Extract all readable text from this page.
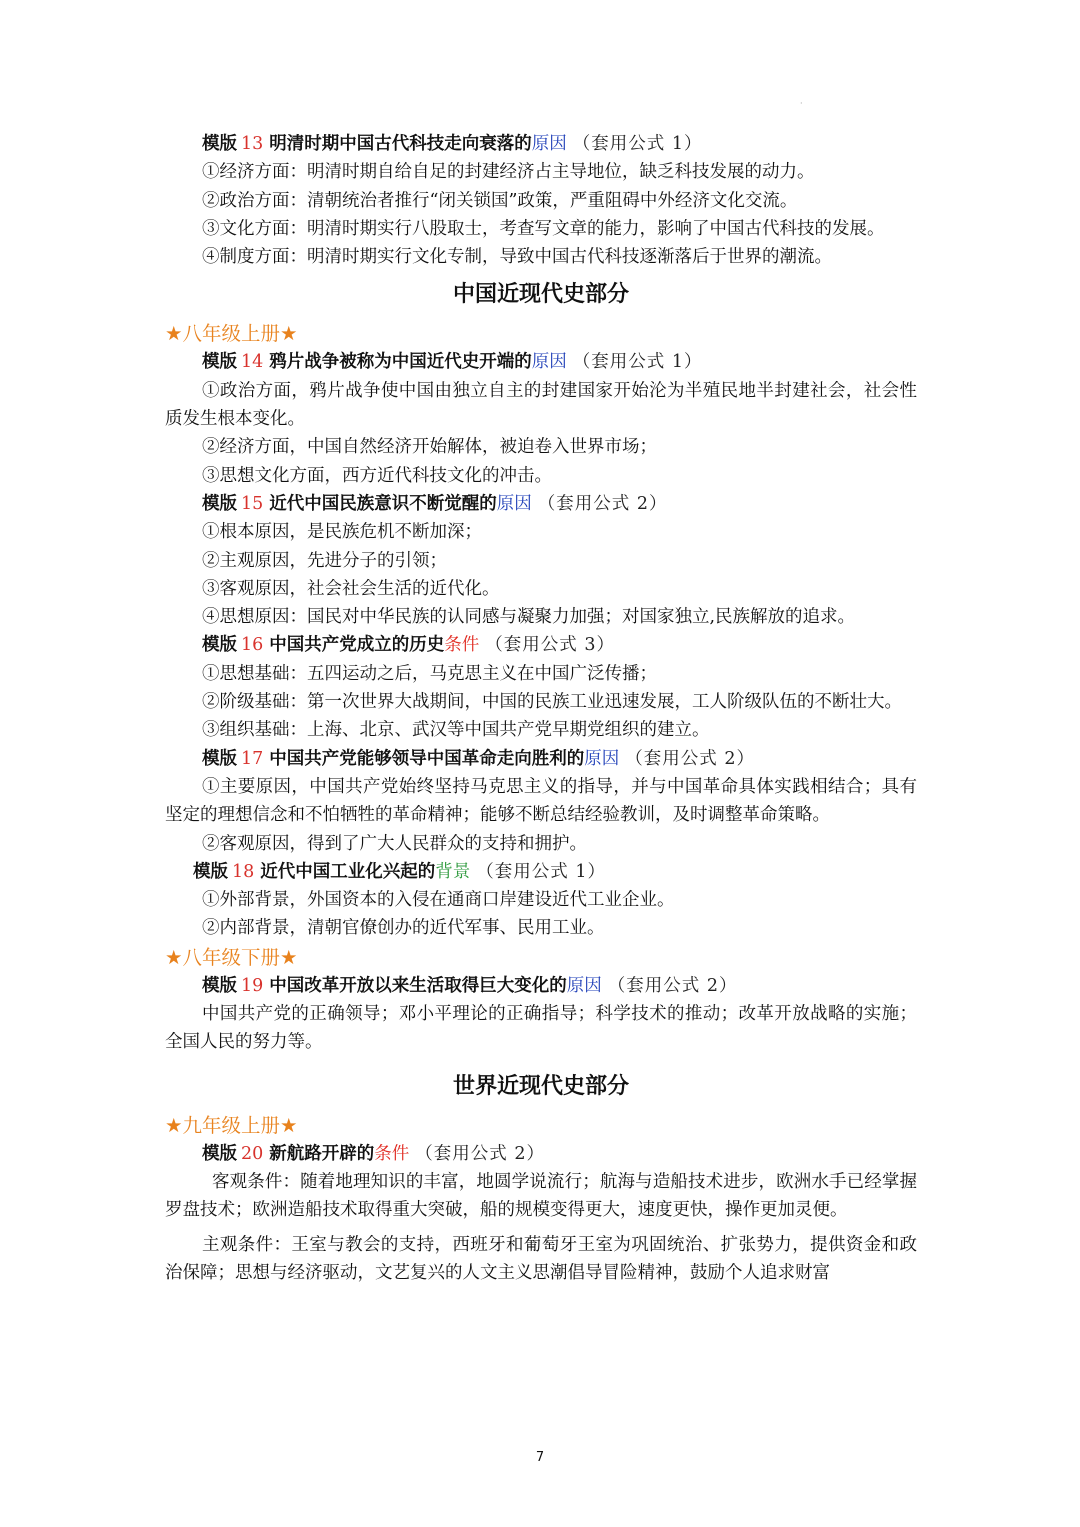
·
模版 13 明清时期中国古代科技走向衰落的原因 （套用公式 1）
①经济方面：明清时期自给自足的封建经济占主导地位，缺乏科技发展的动力。
②政治方面：清朝统治者推行“闭关锁国”政策，严重阻碍中外经济文化交流。
③文化方面：明清时期实行八股取士，考查写文章的能力，影响了中国古代科技的发展。
④制度方面：明清时期实行文化专制，导致中国古代科技逐渐落后于世界的潮流。
中国近现代史部分
★八年级上册★
模版 14 鸦片战争被称为中国近代史开端的原因 （套用公式 1）
①政治方面，鸦片战争使中国由独立自主的封建国家开始沦为半殖民地半封建社会，社会性质发生根本变化。
②经济方面，中国自然经济开始解体，被迫卷入世界市场；
③思想文化方面，西方近代科技文化的冲击。
模版 15 近代中国民族意识不断觉醒的原因 （套用公式 2）
①根本原因，是民族危机不断加深；
②主观原因，先进分子的引领；
③客观原因，社会社会生活的近代化。
④思想原因：国民对中华民族的认同感与凝聚力加强；对国家独立,民族解放的追求。
模版 16 中国共产党成立的历史条件 （套用公式 3）
①思想基础：五四运动之后，马克思主义在中国广泛传播；
②阶级基础：第一次世界大战期间，中国的民族工业迅速发展，工人阶级队伍的不断壮大。
③组织基础：上海、北京、武汉等中国共产党早期党组织的建立。
模版 17 中国共产党能够领导中国革命走向胜利的原因 （套用公式 2）
①主要原因，中国共产党始终坚持马克思主义的指导，并与中国革命具体实践相结合；具有坚定的理想信念和不怕牺牲的革命精神；能够不断总结经验教训，及时调整革命策略。
②客观原因，得到了广大人民群众的支持和拥护。
模版 18 近代中国工业化兴起的背景 （套用公式 1）
①外部背景，外国资本的入侵在通商口岸建设近代工业企业。
②内部背景，清朝官僚创办的近代军事、民用工业。
★八年级下册★
模版 19 中国改革开放以来生活取得巨大变化的原因 （套用公式 2）
中国共产党的正确领导；邓小平理论的正确指导；科学技术的推动；改革开放战略的实施；全国人民的努力等。
世界近现代史部分
★九年级上册★
模版 20 新航路开辟的条件 （套用公式 2）
客观条件：随着地理知识的丰富，地圆学说流行；航海与造船技术进步，欧洲水手已经掌握罗盘技术；欧洲造船技术取得重大突破，船的规模变得更大，速度更快，操作更加灵便。
主观条件：王室与教会的支持，西班牙和葡萄牙王室为巩固统治、扩张势力，提供资金和政治保障；思想与经济驱动，文艺复兴的人文主义思潮倡导冒险精神，鼓励个人追求财富
7
